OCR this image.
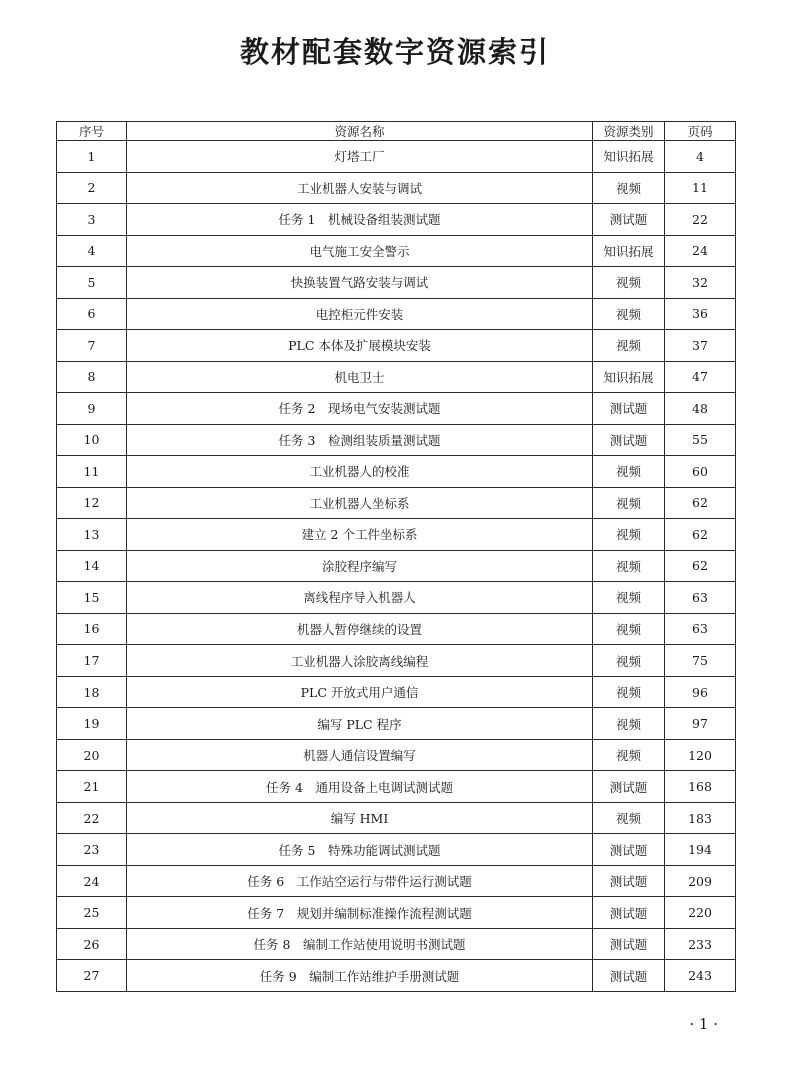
教材配套数字资源索引
序号	资源名称	资源类别	页码
1	灯塔工厂	知识拓展	4
2	工业机器人安装与调试	视频	11
3	任务 1　机械设备组装测试题	测试题	22
4	电气施工安全警示	知识拓展	24
5	快换装置气路安装与调试	视频	32
6	电控柜元件安装	视频	36
7	PLC 本体及扩展模块安装	视频	37
8	机电卫士	知识拓展	47
9	任务 2　现场电气安装测试题	测试题	48
10	任务 3　检测组装质量测试题	测试题	55
11	工业机器人的校准	视频	60
12	工业机器人坐标系	视频	62
13	建立 2 个工件坐标系	视频	62
14	涂胶程序编写	视频	62
15	离线程序导入机器人	视频	63
16	机器人暂停继续的设置	视频	63
17	工业机器人涂胶离线编程	视频	75
18	PLC 开放式用户通信	视频	96
19	编写 PLC 程序	视频	97
20	机器人通信设置编写	视频	120
21	任务 4　通用设备上电调试测试题	测试题	168
22	编写 HMI	视频	183
23	任务 5　特殊功能调试测试题	测试题	194
24	任务 6　工作站空运行与带件运行测试题	测试题	209
25	任务 7　规划并编制标准操作流程测试题	测试题	220
26	任务 8　编制工作站使用说明书测试题	测试题	233
27	任务 9　编制工作站维护手册测试题	测试题	243
· 1 ·
